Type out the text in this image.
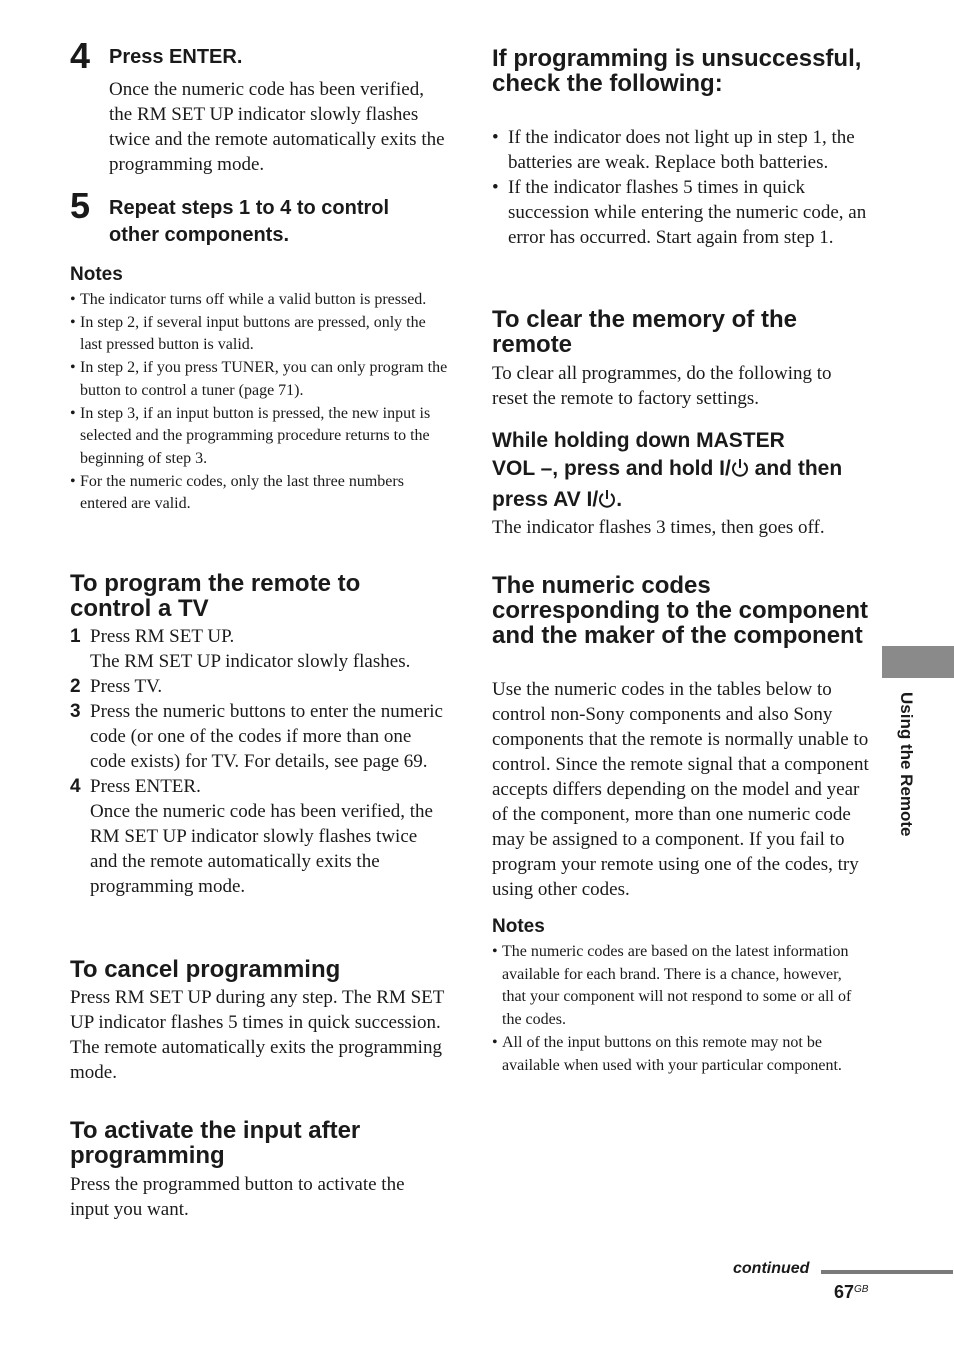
4 Press ENTER.
Once the numeric code has been verified, the RM SET UP indicator slowly flashes twice and the remote automatically exits the programming mode.
5 Repeat steps 1 to 4 to control other components.
Notes
• The indicator turns off while a valid button is pressed.
• In step 2, if several input buttons are pressed, only the last pressed button is valid.
• In step 2, if you press TUNER, you can only program the button to control a tuner (page 71).
• In step 3, if an input button is pressed, the new input is selected and the programming procedure returns to the beginning of step 3.
• For the numeric codes, only the last three numbers entered are valid.
To program the remote to control a TV
1 Press RM SET UP.
The RM SET UP indicator slowly flashes.
2 Press TV.
3 Press the numeric buttons to enter the numeric code (or one of the codes if more than one code exists) for TV. For details, see page 69.
4 Press ENTER.
Once the numeric code has been verified, the RM SET UP indicator slowly flashes twice and the remote automatically exits the programming mode.
To cancel programming
Press RM SET UP during any step. The RM SET UP indicator flashes 5 times in quick succession. The remote automatically exits the programming mode.
To activate the input after programming
Press the programmed button to activate the input you want.
If programming is unsuccessful, check the following:
• If the indicator does not light up in step 1, the batteries are weak. Replace both batteries.
• If the indicator flashes 5 times in quick succession while entering the numeric code, an error has occurred. Start again from step 1.
To clear the memory of the remote
To clear all programmes, do the following to reset the remote to factory settings.
While holding down MASTER
VOL –, press and hold I/ and then
press AV I/ .
The indicator flashes 3 times, then goes off.
The numeric codes corresponding to the component and the maker of the component
Use the numeric codes in the tables below to control non-Sony components and also Sony components that the remote is normally unable to control. Since the remote signal that a component accepts differs depending on the model and year of the component, more than one numeric code may be assigned to a component. If you fail to program your remote using one of the codes, try using other codes.
Notes
• The numeric codes are based on the latest information available for each brand. There is a chance, however, that your component will not respond to some or all of the codes.
• All of the input buttons on this remote may not be available when used with your particular component.
Using the Remote
continued
$67^{GB}$
